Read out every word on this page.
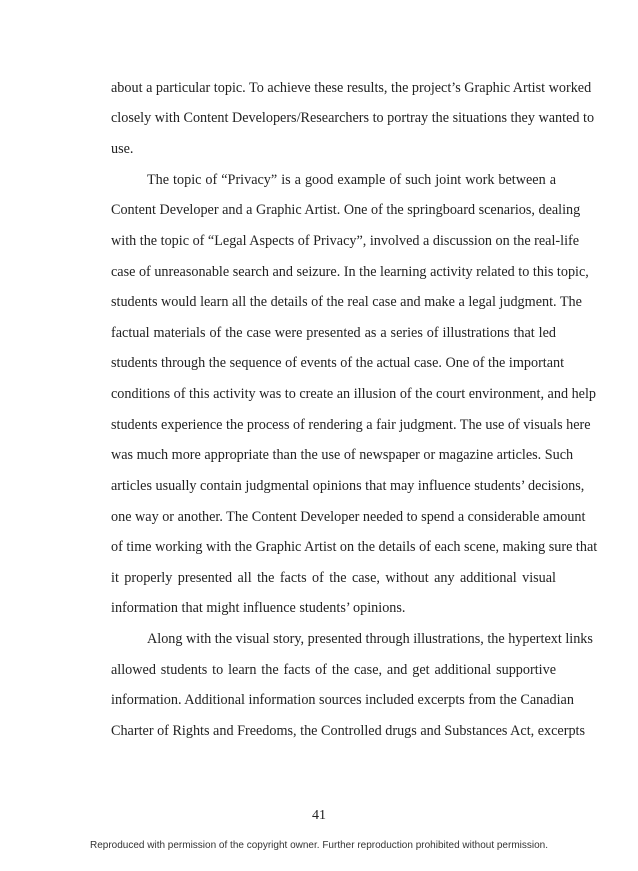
about a particular topic. To achieve these results, the project’s Graphic Artist worked
closely with Content Developers/Researchers to portray the situations they wanted to
use.
The topic of “Privacy” is a good example of such joint work between a
Content Developer and a Graphic Artist. One of the springboard scenarios, dealing
with the topic of “Legal Aspects of Privacy”, involved a discussion on the real-life
case of unreasonable search and seizure. In the learning activity related to this topic,
students would learn all the details of the real case and make a legal judgment. The
factual materials of the case were presented as a series of illustrations that led
students through the sequence of events of the actual case. One of the important
conditions of this activity was to create an illusion of the court environment, and help
students experience the process of rendering a fair judgment. The use of visuals here
was much more appropriate than the use of newspaper or magazine articles. Such
articles usually contain judgmental opinions that may influence students’ decisions,
one way or another. The Content Developer needed to spend a considerable amount
of time working with the Graphic Artist on the details of each scene, making sure that
it properly presented all the facts of the case, without any additional visual
information that might influence students’ opinions.
Along with the visual story, presented through illustrations, the hypertext links
allowed students to learn the facts of the case, and get additional supportive
information. Additional information sources included excerpts from the Canadian
Charter of Rights and Freedoms, the Controlled drugs and Substances Act, excerpts
41
Reproduced with permission of the copyright owner. Further reproduction prohibited without permission.
